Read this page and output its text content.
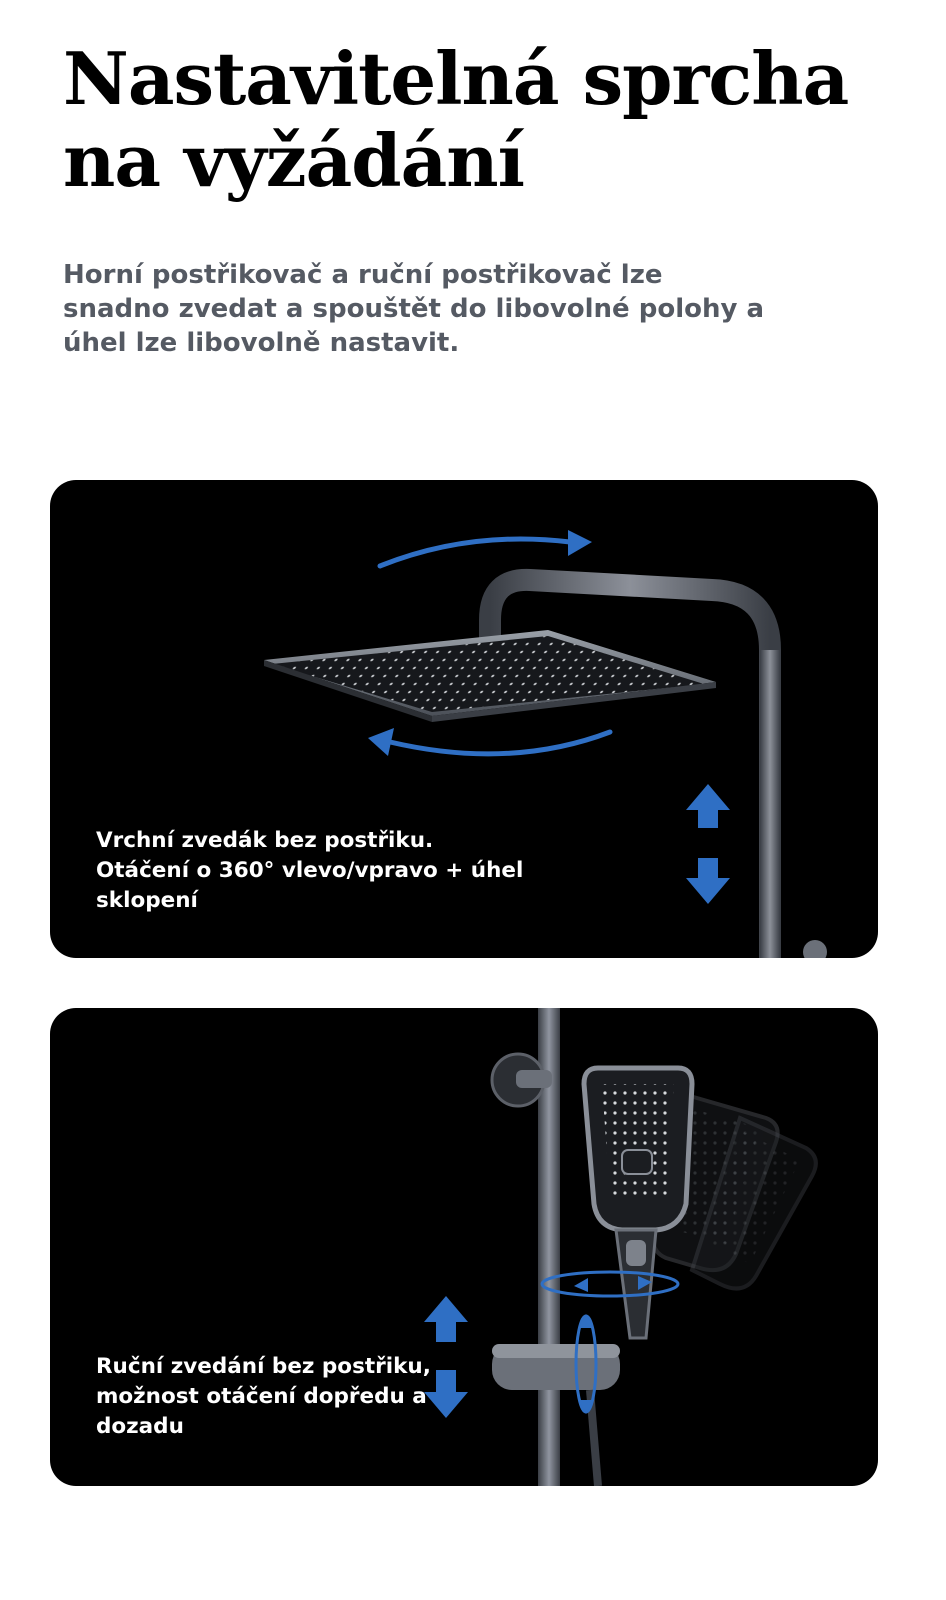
Nastavitelná sprcha
na vyžádání

Horní postřikovač a ruční postřikovač lze
snadno zvedat a spouštět do libovolné polohy a
úhel lze libovolně nastavit.

Vrchní zvedák bez postřiku.
Otáčení o 360° vlevo/vpravo + úhel
sklopení

Ruční zvedání bez postřiku,
možnost otáčení dopředu a
dozadu
